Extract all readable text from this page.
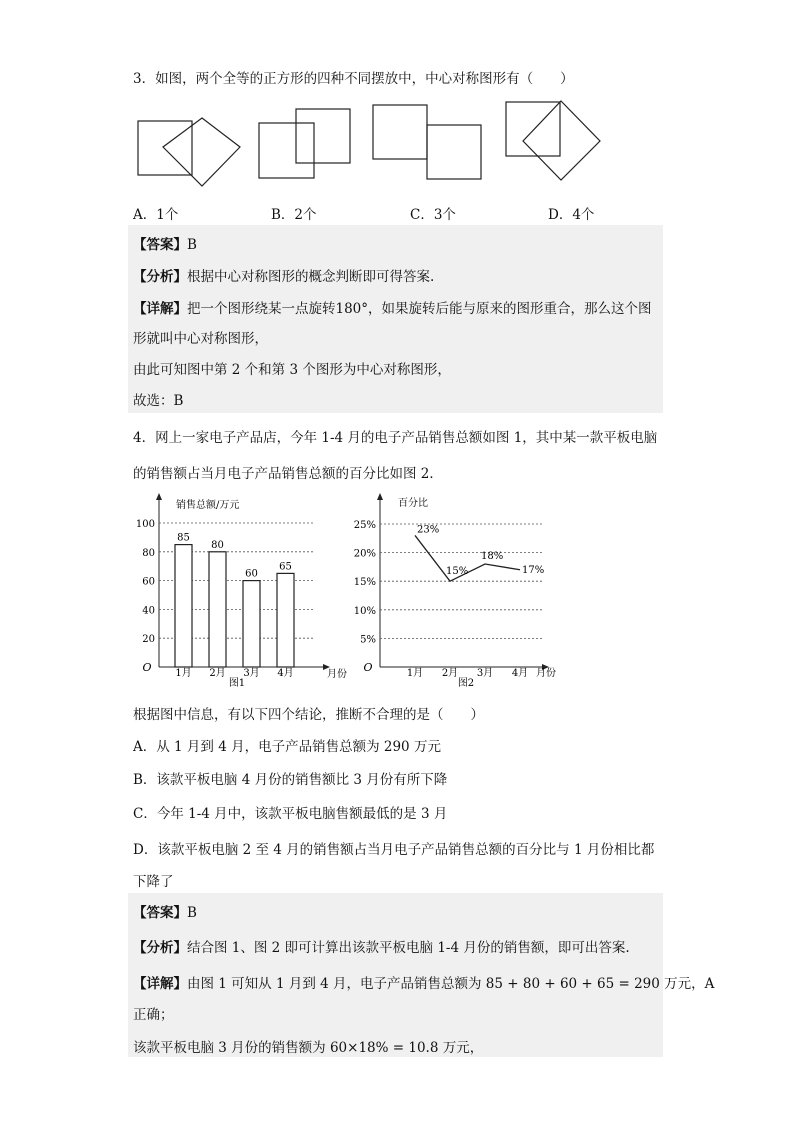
3．如图，两个全等的正方形的四种不同摆放中，中心对称图形有（　　）
A．1个	B．2个	C．3个	D．4个
【答案】B
【分析】根据中心对称图形的概念判断即可得答案.
【详解】把一个图形绕某一点旋转180°，如果旋转后能与原来的图形重合，那么这个图
形就叫中心对称图形，
由此可知图中第 2 个和第 3 个图形为中心对称图形，
故选：B
4．网上一家电子产品店，今年 1-4 月的电子产品销售总额如图 1，其中某一款平板电脑
的销售额占当月电子产品销售总额的百分比如图 2．
20
40
60
80
100
O
销售总额/万元
月份
85
1月
80
2月
60
3月
65
4月
图1
5%
10%
15%
20%
25%
O
百分比
月份
23%
1月
15%
2月
18%
3月
17%
4月
图2
根据图中信息，有以下四个结论，推断不合理的是（　　）
A．从 1 月到 4 月，电子产品销售总额为 290 万元
B．该款平板电脑 4 月份的销售额比 3 月份有所下降
C．今年 1-4 月中，该款平板电脑售额最低的是 3 月
D．该款平板电脑 2 至 4 月的销售额占当月电子产品销售总额的百分比与 1 月份相比都
下降了
【答案】B
【分析】结合图 1、图 2 即可计算出该款平板电脑 1-4 月份的销售额，即可出答案.
【详解】由图 1 可知从 1 月到 4 月，电子产品销售总额为 85 + 80 + 60 + 65 = 290 万元，A
正确；
该款平板电脑 3 月份的销售额为 60×18% = 10.8 万元，
